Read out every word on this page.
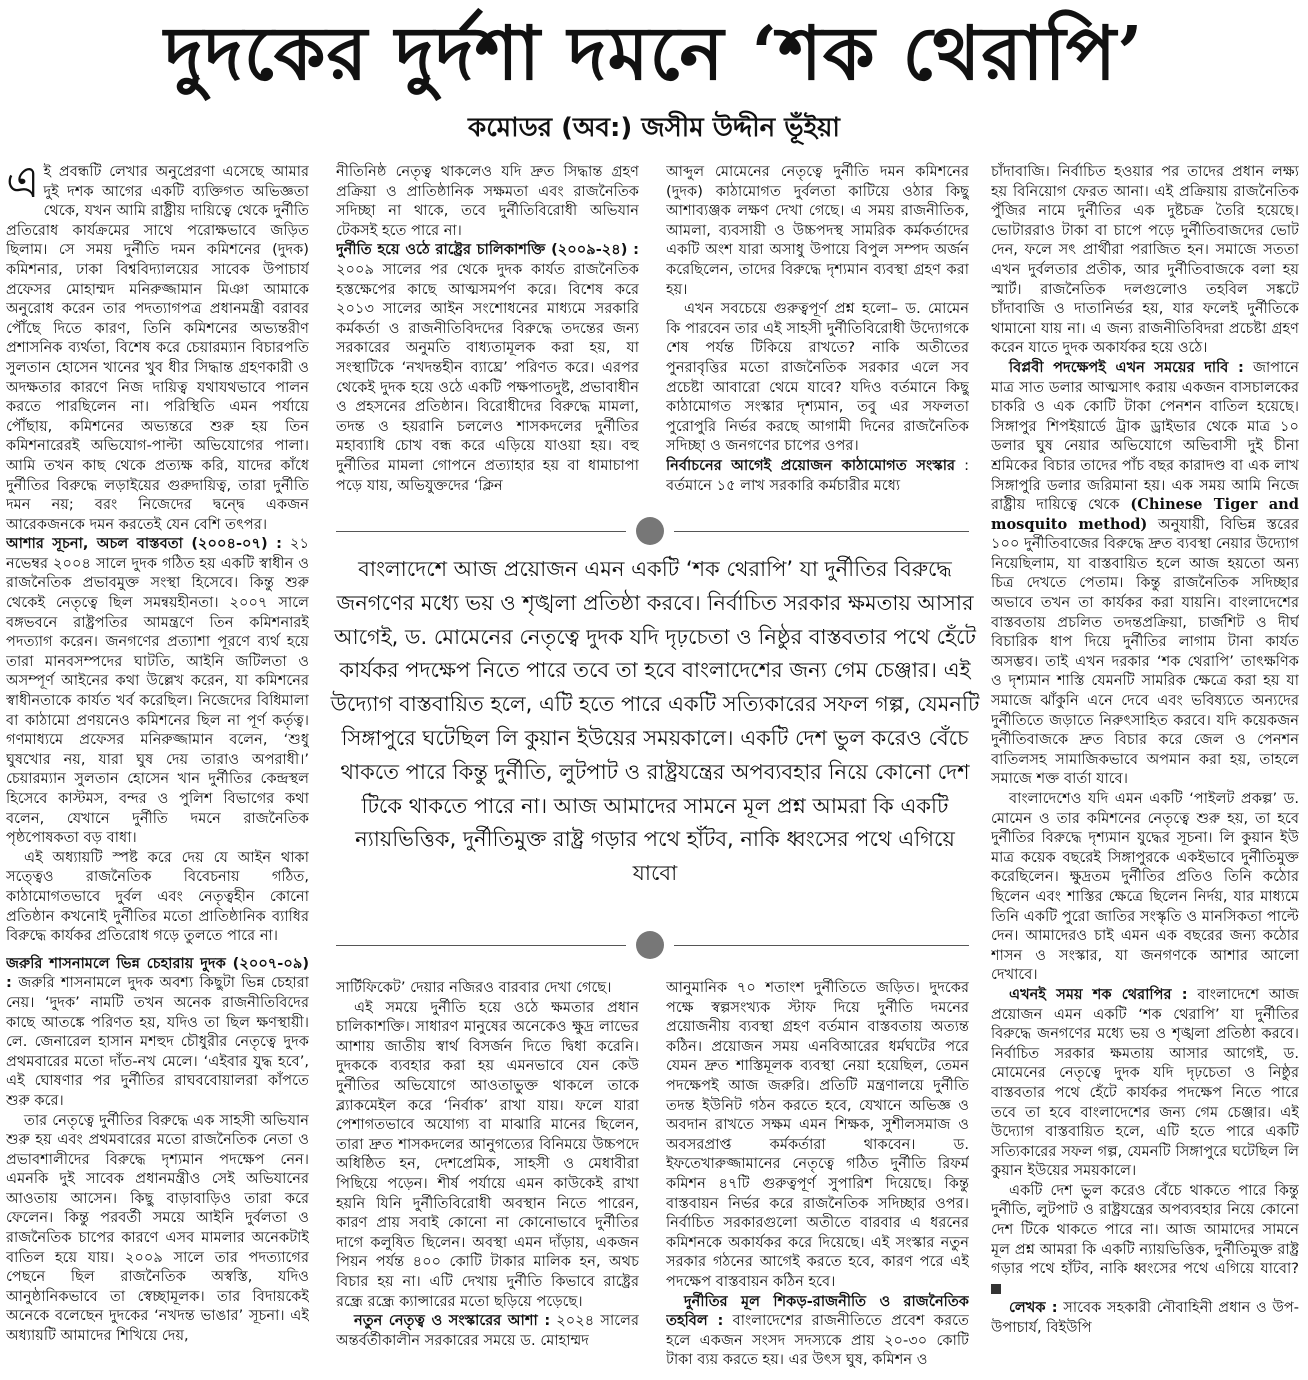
দুদকের দুর্দশা দমনে ‘শক থেরাপি’
কমোডর (অব:) জসীম উদ্দীন ভূঁইয়া

এই প্রবন্ধটি লেখার অনুপ্রেরণা এসেছে আমার দুই দশক আগের একটি ব্যক্তিগত অভিজ্ঞতা থেকে, যখন আমি রাষ্ট্রীয় দায়িত্বে থেকে দুর্নীতি প্রতিরোধ কার্যক্রমের সাথে পরোক্ষভাবে জড়িত ছিলাম। সে সময় দুর্নীতি দমন কমিশনের (দুদক) কমিশনার, ঢাকা বিশ্ববিদ্যালয়ের সাবেক উপাচার্য প্রফেসর মোহাম্মদ মনিরুজ্জামান মিঞা আমাকে অনুরোধ করেন তার পদত্যাগপত্র প্রধানমন্ত্রী বরাবর পৌঁছে দিতে কারণ, তিনি কমিশনের অভ্যন্তরীণ প্রশাসনিক ব্যর্থতা, বিশেষ করে চেয়ারম্যান বিচারপতি সুলতান হোসেন খানের খুব ধীর সিদ্ধান্ত গ্রহণকারী ও অদক্ষতার কারণে নিজ দায়িত্ব যথাযথভাবে পালন করতে পারছিলেন না। পরিস্থিতি এমন পর্যায়ে পৌঁছায়, কমিশনের অভ্যন্তরে শুরু হয় তিন কমিশনারেরই অভিযোগ-পাল্টা অভিযোগের পালা। আমি তখন কাছ থেকে প্রত্যক্ষ করি, যাদের কাঁধে দুর্নীতির বিরুদ্ধে লড়াইয়ের গুরুদায়িত্ব, তারা দুর্নীতি দমন নয়; বরং নিজেদের দ্বন্দ্বে একজন আরেকজনকে দমন করতেই যেন বেশি তৎপর।

আশার সূচনা, অচল বাস্তবতা (২০০৪-০৭) : ২১ নভেম্বর ২০০৪ সালে দুদক গঠিত হয় একটি স্বাধীন ও রাজনৈতিক প্রভাবমুক্ত সংস্থা হিসেবে। কিন্তু শুরু থেকেই নেতৃত্বে ছিল সমন্বয়হীনতা। ২০০৭ সালে বঙ্গভবনে রাষ্ট্রপতির আমন্ত্রণে তিন কমিশনারই পদত্যাগ করেন। জনগণের প্রত্যাশা পূরণে ব্যর্থ হয়ে তারা মানবসম্পদের ঘাটতি, আইনি জটিলতা ও অসম্পূর্ণ আইনের কথা উল্লেখ করেন, যা কমিশনের স্বাধীনতাকে কার্যত খর্ব করেছিল। নিজেদের বিধিমালা বা কাঠামো প্রণয়নেও কমিশনের ছিল না পূর্ণ কর্তৃত্ব। গণমাধ্যমে প্রফেসর মনিরুজ্জামান বলেন, ‘শুধু ঘুষখোর নয়, যারা ঘুষ দেয় তারাও অপরাধী।’ চেয়ারম্যান সুলতান হোসেন খান দুর্নীতির কেন্দ্রস্থল হিসেবে কাস্টমস, বন্দর ও পুলিশ বিভাগের কথা বলেন, যেখানে দুর্নীতি দমনে রাজনৈতিক পৃষ্ঠপোষকতা বড় বাধা।

এই অধ্যায়টি স্পষ্ট করে দেয় যে আইন থাকা সত্ত্বেও রাজনৈতিক বিবেচনায় গঠিত, কাঠামোগতভাবে দুর্বল এবং নেতৃত্বহীন কোনো প্রতিষ্ঠান কখনোই দুর্নীতির মতো প্রাতিষ্ঠানিক ব্যাধির বিরুদ্ধে কার্যকর প্রতিরোধ গড়ে তুলতে পারে না।

জরুরি শাসনামলে ভিন্ন চেহারায় দুদক (২০০৭-০৯) : জরুরি শাসনামলে দুদক অবশ্য কিছুটা ভিন্ন চেহারা নেয়। ‘দুদক’ নামটি তখন অনেক রাজনীতিবিদের কাছে আতঙ্কে পরিণত হয়, যদিও তা ছিল ক্ষণস্থায়ী। লে. জেনারেল হাসান মশহুদ চৌধুরীর নেতৃত্বে দুদক প্রথমবারের মতো দাঁত-নখ মেলে। ‘এইবার যুদ্ধ হবে’, এই ঘোষণার পর দুর্নীতির রাঘববোয়ালরা কাঁপতে শুরু করে।

তার নেতৃত্বে দুর্নীতির বিরুদ্ধে এক সাহসী অভিযান শুরু হয় এবং প্রথমবারের মতো রাজনৈতিক নেতা ও প্রভাবশালীদের বিরুদ্ধে দৃশ্যমান পদক্ষেপ নেন। এমনকি দুই সাবেক প্রধানমন্ত্রীও সেই অভিযানের আওতায় আসেন। কিছু বাড়াবাড়িও তারা করে ফেলেন। কিন্তু পরবর্তী সময়ে আইনি দুর্বলতা ও রাজনৈতিক চাপের কারণে এসব মামলার অনেকটাই বাতিল হয়ে যায়। ২০০৯ সালে তার পদত্যাগের পেছনে ছিল রাজনৈতিক অস্বস্তি, যদিও আনুষ্ঠানিকভাবে তা স্বেচ্ছামূলক। তার বিদায়কেই অনেকে বলেছেন দুদকের ‘নখদন্ত ভাঙার’ সূচনা। এই অধ্যায়টি আমাদের শিখিয়ে দেয়,

নীতিনিষ্ঠ নেতৃত্ব থাকলেও যদি দ্রুত সিদ্ধান্ত গ্রহণ প্রক্রিয়া ও প্রাতিষ্ঠানিক সক্ষমতা এবং রাজনৈতিক সদিচ্ছা না থাকে, তবে দুর্নীতিবিরোধী অভিযান টেকসই হতে পারে না।

দুর্নীতি হয়ে ওঠে রাষ্ট্রের চালিকাশক্তি (২০০৯-২৪) : ২০০৯ সালের পর থেকে দুদক কার্যত রাজনৈতিক হস্তক্ষেপের কাছে আত্মসমর্পণ করে। বিশেষ করে ২০১৩ সালের আইন সংশোধনের মাধ্যমে সরকারি কর্মকর্তা ও রাজনীতিবিদদের বিরুদ্ধে তদন্তের জন্য সরকারের অনুমতি বাধ্যতামূলক করা হয়, যা সংস্থাটিকে ‘নখদন্তহীন ব্যাঘ্রে’ পরিণত করে। এরপর থেকেই দুদক হয়ে ওঠে একটি পক্ষপাতদুষ্ট, প্রভাবাধীন ও প্রহসনের প্রতিষ্ঠান। বিরোধীদের বিরুদ্ধে মামলা, তদন্ত ও হয়রানি চললেও শাসকদলের দুর্নীতির মহাব্যাধি চোখ বন্ধ করে এড়িয়ে যাওয়া হয়। বহু দুর্নীতির মামলা গোপনে প্রত্যাহার হয় বা ধামাচাপা পড়ে যায়, অভিযুক্তদের ‘ক্লিন

আব্দুল মোমেনের নেতৃত্বে দুর্নীতি দমন কমিশনের (দুদক) কাঠামোগত দুর্বলতা কাটিয়ে ওঠার কিছু আশাব্যঞ্জক লক্ষণ দেখা গেছে। এ সময় রাজনীতিক, আমলা, ব্যবসায়ী ও উচ্চপদস্থ সামরিক কর্মকর্তাদের একটি অংশ যারা অসাধু উপায়ে বিপুল সম্পদ অর্জন করেছিলেন, তাদের বিরুদ্ধে দৃশ্যমান ব্যবস্থা গ্রহণ করা হয়।

এখন সবচেয়ে গুরুত্বপূর্ণ প্রশ্ন হলো– ড. মোমেন কি পারবেন তার এই সাহসী দুর্নীতিবিরোধী উদ্যোগকে শেষ পর্যন্ত টিকিয়ে রাখতে? নাকি অতীতের পুনরাবৃত্তির মতো রাজনৈতিক সরকার এলে সব প্রচেষ্টা আবারো থেমে যাবে? যদিও বর্তমানে কিছু কাঠামোগত সংস্কার দৃশ্যমান, তবু এর সফলতা পুরোপুরি নির্ভর করছে আগামী দিনের রাজনৈতিক সদিচ্ছা ও জনগণের চাপের ওপর।

নির্বাচনের আগেই প্রয়োজন কাঠামোগত সংস্কার : বর্তমানে ১৫ লাখ সরকারি কর্মচারীর মধ্যে

বাংলাদেশে আজ প্রয়োজন এমন একটি ‘শক থেরাপি’ যা দুর্নীতির বিরুদ্ধে জনগণের মধ্যে ভয় ও শৃঙ্খলা প্রতিষ্ঠা করবে। নির্বাচিত সরকার ক্ষমতায় আসার আগেই, ড. মোমেনের নেতৃত্বে দুদক যদি দৃঢ়চেতা ও নিষ্ঠুর বাস্তবতার পথে হেঁটে কার্যকর পদক্ষেপ নিতে পারে তবে তা হবে বাংলাদেশের জন্য গেম চেঞ্জার। এই উদ্যোগ বাস্তবায়িত হলে, এটি হতে পারে একটি সত্যিকারের সফল গল্প, যেমনটি সিঙ্গাপুরে ঘটেছিল লি কুয়ান ইউয়ের সময়কালে। একটি দেশ ভুল করেও বেঁচে থাকতে পারে কিন্তু দুর্নীতি, লুটপাট ও রাষ্ট্রযন্ত্রের অপব্যবহার নিয়ে কোনো দেশ টিকে থাকতে পারে না। আজ আমাদের সামনে মূল প্রশ্ন আমরা কি একটি ন্যায়ভিত্তিক, দুর্নীতিমুক্ত রাষ্ট্র গড়ার পথে হাঁটব, নাকি ধ্বংসের পথে এগিয়ে যাবো

সার্টিফিকেট’ দেয়ার নজিরও বারবার দেখা গেছে।

এই সময়ে দুর্নীতি হয়ে ওঠে ক্ষমতার প্রধান চালিকাশক্তি। সাধারণ মানুষের অনেকেও ক্ষুদ্র লাভের আশায় জাতীয় স্বার্থ বিসর্জন দিতে দ্বিধা করেনি। দুদককে ব্যবহার করা হয় এমনভাবে যেন কেউ দুর্নীতির অভিযোগে আওতাভুক্ত থাকলে তাকে ব্ল্যাকমেইল করে ‘নির্বাক’ রাখা যায়। ফলে যারা পেশাগতভাবে অযোগ্য বা মাঝারি মানের ছিলেন, তারা দ্রুত শাসকদলের আনুগত্যের বিনিময়ে উচ্চপদে অধিষ্ঠিত হন, দেশপ্রেমিক, সাহসী ও মেধাবীরা পিছিয়ে পড়েন। শীর্ষ পর্যায়ে এমন কাউকেই রাখা হয়নি যিনি দুর্নীতিবিরোধী অবস্থান নিতে পারেন, কারণ প্রায় সবাই কোনো না কোনোভাবে দুর্নীতির দাগে কলুষিত ছিলেন। অবস্থা এমন দাঁড়ায়, একজন পিয়ন পর্যন্ত ৪০০ কোটি টাকার মালিক হন, অথচ বিচার হয় না। এটি দেখায় দুর্নীতি কিভাবে রাষ্ট্রের রন্ধ্রে রন্ধ্রে ক্যান্সারের মতো ছড়িয়ে পড়েছে।

নতুন নেতৃত্ব ও সংস্কারের আশা : ২০২৪ সালের অন্তর্বর্তীকালীন সরকারের সময়ে ড. মোহাম্মদ

আনুমানিক ৭০ শতাংশ দুর্নীতিতে জড়িত। দুদকের পক্ষে স্বল্পসংখ্যক স্টাফ দিয়ে দুর্নীতি দমনের প্রয়োজনীয় ব্যবস্থা গ্রহণ বর্তমান বাস্তবতায় অত্যন্ত কঠিন। প্রয়োজন সময় এনবিআরের ধর্মঘটের পরে যেমন দ্রুত শাস্তিমূলক ব্যবস্থা নেয়া হয়েছিল, তেমন পদক্ষেপই আজ জরুরি। প্রতিটি মন্ত্রণালয়ে দুর্নীতি তদন্ত ইউনিট গঠন করতে হবে, যেখানে অভিজ্ঞ ও অবদান রাখতে সক্ষম এমন শিক্ষক, সুশীলসমাজ ও অবসরপ্রাপ্ত কর্মকর্তারা থাকবেন। ড. ইফতেখারুজ্জামানের নেতৃত্বে গঠিত দুর্নীতি রিফর্ম কমিশন ৪৭টি গুরুত্বপূর্ণ সুপারিশ দিয়েছে। কিন্তু বাস্তবায়ন নির্ভর করে রাজনৈতিক সদিচ্ছার ওপর। নির্বাচিত সরকারগুলো অতীতে বারবার এ ধরনের কমিশনকে অকার্যকর করে দিয়েছে। এই সংস্কার নতুন সরকার গঠনের আগেই করতে হবে, কারণ পরে এই পদক্ষেপ বাস্তবায়ন কঠিন হবে।

দুর্নীতির মূল শিকড়-রাজনীতি ও রাজনৈতিক তহবিল : বাংলাদেশের রাজনীতিতে প্রবেশ করতে হলে একজন সংসদ সদস্যকে প্রায় ২০-৩০ কোটি টাকা ব্যয় করতে হয়। এর উৎস ঘুষ, কমিশন ও

চাঁদাবাজি। নির্বাচিত হওয়ার পর তাদের প্রধান লক্ষ্য হয় বিনিয়োগ ফেরত আনা। এই প্রক্রিয়ায় রাজনৈতিক পুঁজির নামে দুর্নীতির এক দুষ্টচক্র তৈরি হয়েছে। ভোটাররাও টাকা বা চাপে পড়ে দুর্নীতিবাজদের ভোট দেন, ফলে সৎ প্রার্থীরা পরাজিত হন। সমাজে সততা এখন দুর্বলতার প্রতীক, আর দুর্নীতিবাজকে বলা হয় স্মার্ট। রাজনৈতিক দলগুলোও তহবিল সঙ্কটে চাঁদাবাজি ও দাতানির্ভর হয়, যার ফলেই দুর্নীতিকে থামানো যায় না। এ জন্য রাজনীতিবিদরা প্রচেষ্টা গ্রহণ করেন যাতে দুদক অকার্যকর হয়ে ওঠে।

বিপ্লবী পদক্ষেপই এখন সময়ের দাবি : জাপানে মাত্র সাত ডলার আত্মসাৎ করায় একজন বাসচালকের চাকরি ও এক কোটি টাকা পেনশন বাতিল হয়েছে। সিঙ্গাপুর শিপইয়ার্ডে ট্রাক ড্রাইভার থেকে মাত্র ১০ ডলার ঘুষ নেয়ার অভিযোগে অভিবাসী দুই চীনা শ্রমিকের বিচার তাদের পাঁচ বছর কারাদণ্ড বা এক লাখ সিঙ্গাপুরি ডলার জরিমানা হয়। এক সময় আমি নিজে রাষ্ট্রীয় দায়িত্বে থেকে (Chinese Tiger and mosquito method) অনুযায়ী, বিভিন্ন স্তরের ১০০ দুর্নীতিবাজের বিরুদ্ধে দ্রুত ব্যবস্থা নেয়ার উদ্যোগ নিয়েছিলাম, যা বাস্তবায়িত হলে আজ হয়তো অন্য চিত্র দেখতে পেতাম। কিন্তু রাজনৈতিক সদিচ্ছার অভাবে তখন তা কার্যকর করা যায়নি। বাংলাদেশের বাস্তবতায় প্রচলিত তদন্তপ্রক্রিয়া, চার্জশিট ও দীর্ঘ বিচারিক ধাপ দিয়ে দুর্নীতির লাগাম টানা কার্যত অসম্ভব। তাই এখন দরকার ‘শক থেরাপি’ তাৎক্ষণিক ও দৃশ্যমান শাস্তি যেমনটি সামরিক ক্ষেত্রে করা হয় যা সমাজে ঝাঁকুনি এনে দেবে এবং ভবিষ্যতে অন্যদের দুর্নীতিতে জড়াতে নিরুৎসাহিত করবে। যদি কয়েকজন দুর্নীতিবাজকে দ্রুত বিচার করে জেল ও পেনশন বাতিলসহ সামাজিকভাবে অপমান করা হয়, তাহলে সমাজে শক্ত বার্তা যাবে।

বাংলাদেশেও যদি এমন একটি ‘পাইলট প্রকল্প’ ড. মোমেন ও তার কমিশনের নেতৃত্বে শুরু হয়, তা হবে দুর্নীতির বিরুদ্ধে দৃশ্যমান যুদ্ধের সূচনা। লি কুয়ান ইউ মাত্র কয়েক বছরেই সিঙ্গাপুরকে একইভাবে দুর্নীতিমুক্ত করেছিলেন। ক্ষুদ্রতম দুর্নীতির প্রতিও তিনি কঠোর ছিলেন এবং শাস্তির ক্ষেত্রে ছিলেন নির্দয়, যার মাধ্যমে তিনি একটি পুরো জাতির সংস্কৃতি ও মানসিকতা পাল্টে দেন। আমাদেরও চাই এমন এক বছরের জন্য কঠোর শাসন ও সংস্কার, যা জনগণকে আশার আলো দেখাবে।

এখনই সময় শক থেরাপির : বাংলাদেশে আজ প্রয়োজন এমন একটি ‘শক থেরাপি’ যা দুর্নীতির বিরুদ্ধে জনগণের মধ্যে ভয় ও শৃঙ্খলা প্রতিষ্ঠা করবে। নির্বাচিত সরকার ক্ষমতায় আসার আগেই, ড. মোমেনের নেতৃত্বে দুদক যদি দৃঢ়চেতা ও নিষ্ঠুর বাস্তবতার পথে হেঁটে কার্যকর পদক্ষেপ নিতে পারে তবে তা হবে বাংলাদেশের জন্য গেম চেঞ্জার। এই উদ্যোগ বাস্তবায়িত হলে, এটি হতে পারে একটি সত্যিকারের সফল গল্প, যেমনটি সিঙ্গাপুরে ঘটেছিল লি কুয়ান ইউয়ের সময়কালে।

একটি দেশ ভুল করেও বেঁচে থাকতে পারে কিন্তু দুর্নীতি, লুটপাট ও রাষ্ট্রযন্ত্রের অপব্যবহার নিয়ে কোনো দেশ টিকে থাকতে পারে না। আজ আমাদের সামনে মূল প্রশ্ন আমরা কি একটি ন্যায়ভিত্তিক, দুর্নীতিমুক্ত রাষ্ট্র গড়ার পথে হাঁটব, নাকি ধ্বংসের পথে এগিয়ে যাবো?

লেখক : সাবেক সহকারী নৌবাহিনী প্রধান ও উপ-উপাচার্য, বিইউপি
